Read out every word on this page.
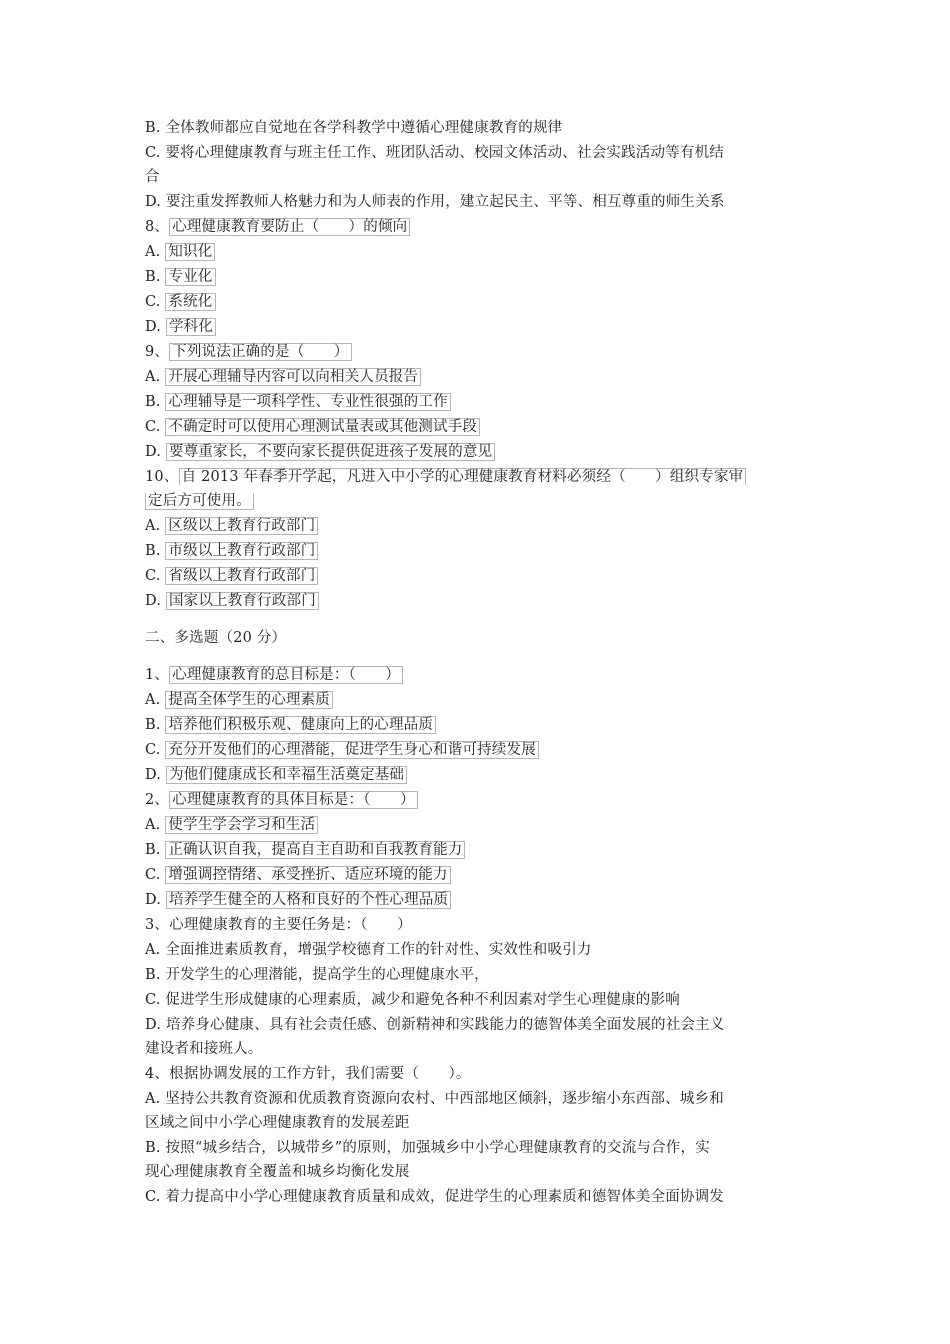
B. 全体教师都应自觉地在各学科教学中遵循心理健康教育的规律
C. 要将心理健康教育与班主任工作、班团队活动、校园文体活动、社会实践活动等有机结
合
D. 要注重发挥教师人格魅力和为人师表的作用，建立起民主、平等、相互尊重的师生关系
8、 心理健康教育要防止（　　）的倾向
A. 知识化
B. 专业化
C. 系统化
D. 学科化
9、 下列说法正确的是（　　）
A. 开展心理辅导内容可以向相关人员报告
B. 心理辅导是一项科学性、专业性很强的工作
C. 不确定时可以使用心理测试量表或其他测试手段
D. 要尊重家长，不要向家长提供促进孩子发展的意见
10、 自 2013 年春季开学起，凡进入中小学的心理健康教育材料必须经（　　）组织专家审
定后方可使用。
A. 区级以上教育行政部门
B. 市级以上教育行政部门
C. 省级以上教育行政部门
D. 国家以上教育行政部门
二、多选题（20 分）
1、 心理健康教育的总目标是：（　　）
A. 提高全体学生的心理素质
B. 培养他们积极乐观、健康向上的心理品质
C. 充分开发他们的心理潜能，促进学生身心和谐可持续发展
D. 为他们健康成长和幸福生活奠定基础
2、 心理健康教育的具体目标是：（　　）
A. 使学生学会学习和生活
B. 正确认识自我，提高自主自助和自我教育能力
C. 增强调控情绪、承受挫折、适应环境的能力
D. 培养学生健全的人格和良好的个性心理品质
3、心理健康教育的主要任务是：（　　）
A. 全面推进素质教育，增强学校德育工作的针对性、实效性和吸引力
B. 开发学生的心理潜能，提高学生的心理健康水平，
C. 促进学生形成健康的心理素质，减少和避免各种不利因素对学生心理健康的影响
D. 培养身心健康、具有社会责任感、创新精神和实践能力的德智体美全面发展的社会主义
建设者和接班人。
4、根据协调发展的工作方针，我们需要（　　）。
A. 坚持公共教育资源和优质教育资源向农村、中西部地区倾斜，逐步缩小东西部、城乡和
区域之间中小学心理健康教育的发展差距
B. 按照“城乡结合，以城带乡”的原则，加强城乡中小学心理健康教育的交流与合作，实
现心理健康教育全覆盖和城乡均衡化发展
C. 着力提高中小学心理健康教育质量和成效，促进学生的心理素质和德智体美全面协调发
